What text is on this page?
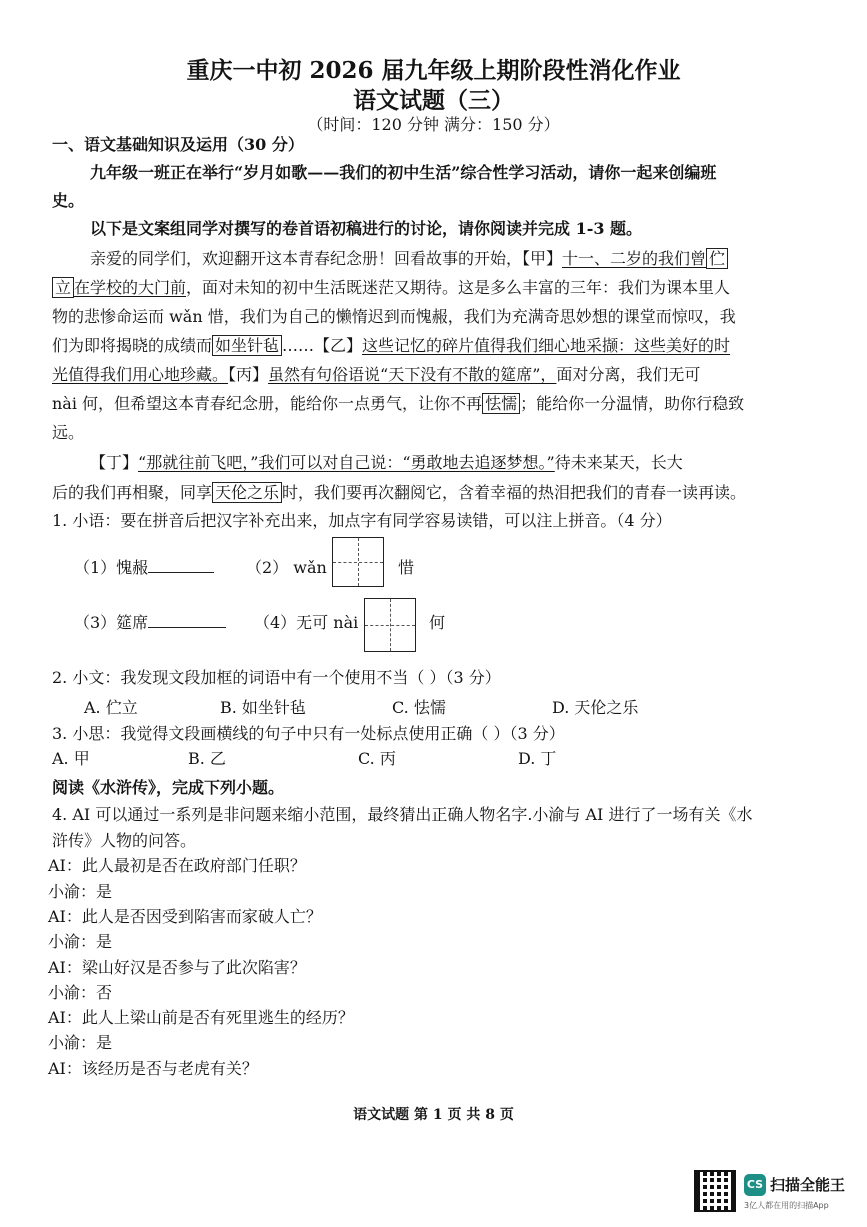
重庆一中初 2026 届九年级上期阶段性消化作业
语文试题（三）
（时间：120 分钟 满分：150 分）
一、语文基础知识及运用（30 分）
九年级一班正在举行“岁月如歌——我们的初中生活”综合性学习活动，请你一起来创编班
史。
以下是文案组同学对撰写的卷首语初稿进行的讨论，请你阅读并完成 1-3 题。
亲爱的同学们，欢迎翻开这本青春纪念册！回看故事的开始，【甲】十一、二岁的我们曾 伫
立 在学校的大门前，面对未知的初中生活既迷茫又期待。这是多么丰富的三年：我们为课本里人
物的悲惨命运而 wǎn 惜，我们为自己的懒惰迟到而愧赧，我们为充满奇思妙想的课堂而惊叹，我
们为即将揭晓的成绩而 如坐针毡 ……【乙】这些记忆的碎片值得我们细心地采撷：这些美好的时
光值得我们用心地珍藏。【丙】虽然有句俗语说“天下没有不散的筵席”，面对分离，我们无可
nài 何，但希望这本青春纪念册，能给你一点勇气，让你不再 怯懦 ；能给你一分温情，助你行稳致
远。
【丁】“那就往前飞吧，”我们可以对自己说：“勇敢地去追逐梦想。”待未来某天，长大
后的我们再相聚，同享 天伦之乐 时，我们要再次翻阅它，含着幸福的热泪把我们的青春一读再读。
1. 小语：要在拼音后把汉字补充出来，加点字有同学容易读错，可以注上拼音。（4 分）
（1）愧赧	（2） wǎn	惜
（3）筵席	（4）无可 nài	何
2. 小文：我发现文段加框的词语中有一个使用不当（ ）（3 分）
A. 伫立	B. 如坐针毡	C. 怯懦	D. 天伦之乐
3. 小思：我觉得文段画横线的句子中只有一处标点使用正确（ ）（3 分）
A. 甲	B. 乙	C. 丙	D. 丁
阅读《水浒传》，完成下列小题。
4. AI 可以通过一系列是非问题来缩小范围，最终猜出正确人物名字.小渝与 AI 进行了一场有关《水
浒传》人物的问答。
AI：此人最初是否在政府部门任职？
小渝：是
AI：此人是否因受到陷害而家破人亡？
小渝：是
AI：梁山好汉是否参与了此次陷害？
小渝：否
AI：此人上梁山前是否有死里逃生的经历？
小渝：是
AI：该经历是否与老虎有关？
语文试题 第 1 页 共 8 页
CS 扫描全能王
3亿人都在用的扫描App
